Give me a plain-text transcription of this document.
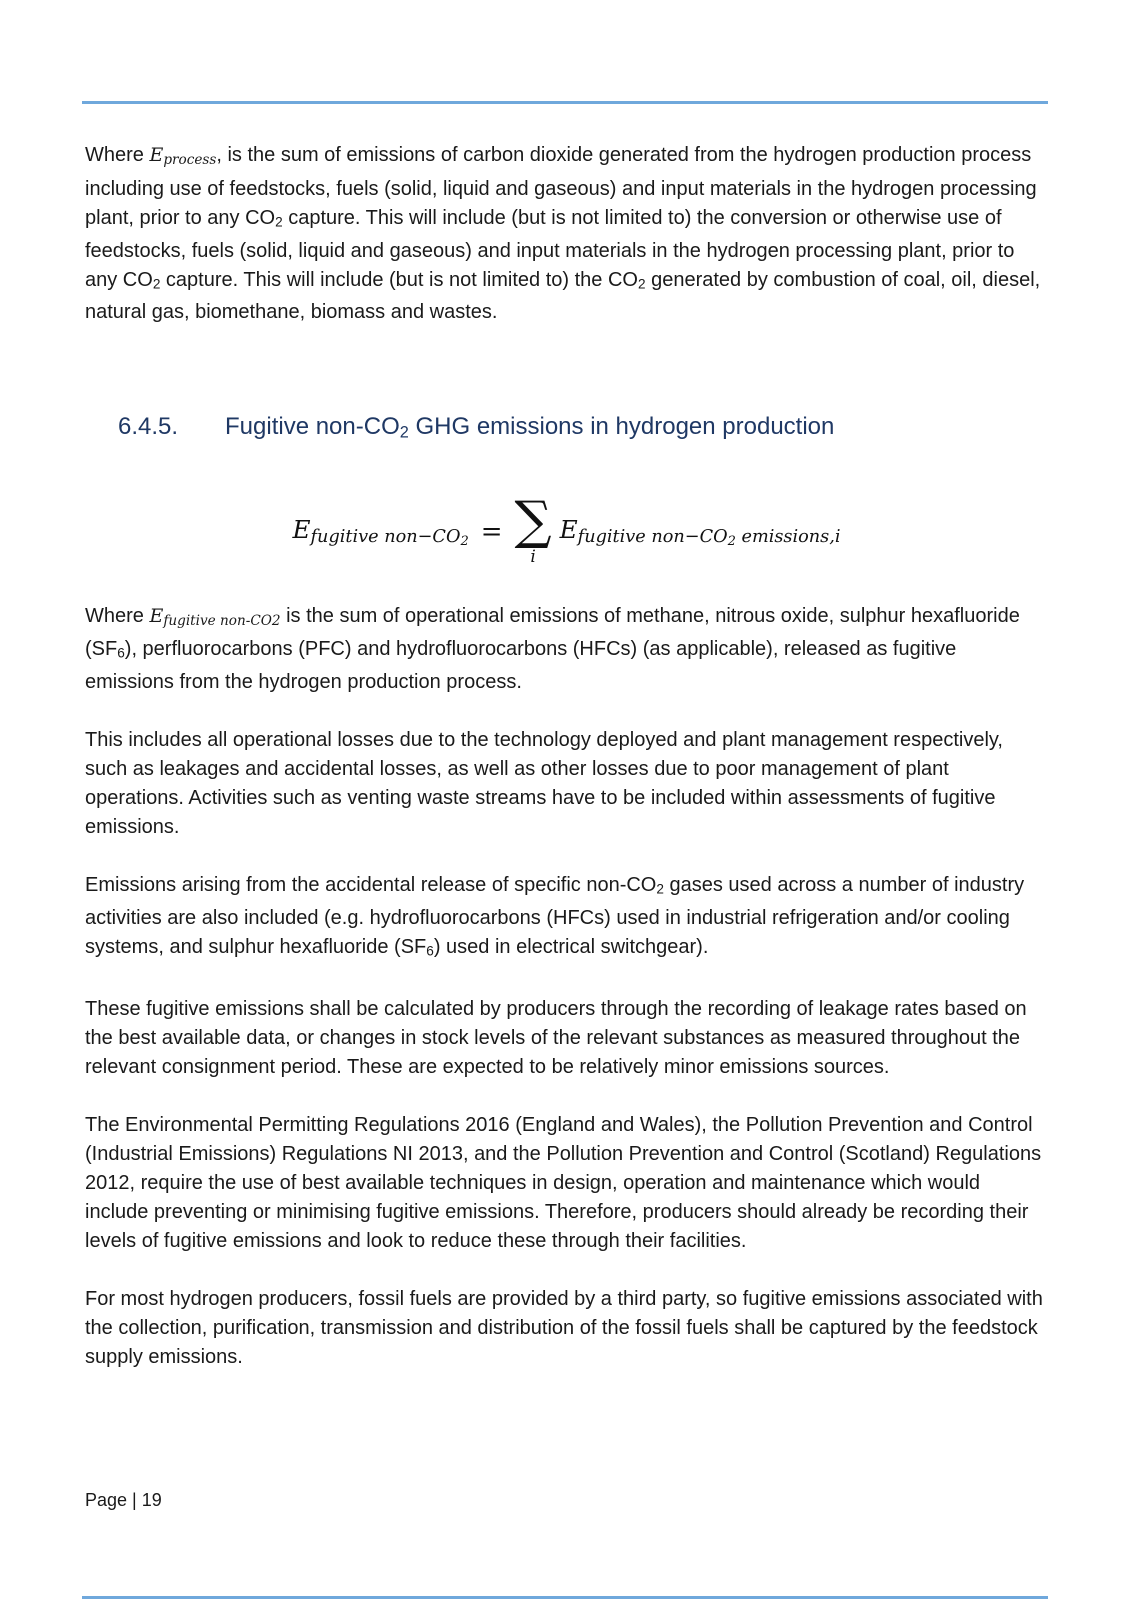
Where Eprocess, is the sum of emissions of carbon dioxide generated from the hydrogen production process including use of feedstocks, fuels (solid, liquid and gaseous) and input materials in the hydrogen processing plant, prior to any CO2 capture. This will include (but is not limited to) the conversion or otherwise use of feedstocks, fuels (solid, liquid and gaseous) and input materials in the hydrogen processing plant, prior to any CO2 capture. This will include (but is not limited to) the CO2 generated by combustion of coal, oil, diesel, natural gas, biomethane, biomass and wastes.

6.4.5.	Fugitive non-CO2 GHG emissions in hydrogen production
Efugitive $non-CO_2$ = ∑
i
Efugitive $non-CO_2$ emissions,i

Where Efugitive non-CO2 is the sum of operational emissions of methane, nitrous oxide, sulphur hexafluoride (SF6), perfluorocarbons (PFC) and hydrofluorocarbons (HFCs) (as applicable), released as fugitive emissions from the hydrogen production process.

This includes all operational losses due to the technology deployed and plant management respectively, such as leakages and accidental losses, as well as other losses due to poor management of plant operations. Activities such as venting waste streams have to be included within assessments of fugitive emissions.

Emissions arising from the accidental release of specific non-CO2 gases used across a number of industry activities are also included (e.g. hydrofluorocarbons (HFCs) used in industrial refrigeration and/or cooling systems, and sulphur hexafluoride (SF6) used in electrical switchgear).

These fugitive emissions shall be calculated by producers through the recording of leakage rates based on the best available data, or changes in stock levels of the relevant substances as measured throughout the relevant consignment period. These are expected to be relatively minor emissions sources.

The Environmental Permitting Regulations 2016 (England and Wales), the Pollution Prevention and Control (Industrial Emissions) Regulations NI 2013, and the Pollution Prevention and Control (Scotland) Regulations 2012, require the use of best available techniques in design, operation and maintenance which would include preventing or minimising fugitive emissions. Therefore, producers should already be recording their levels of fugitive emissions and look to reduce these through their facilities.

For most hydrogen producers, fossil fuels are provided by a third party, so fugitive emissions associated with the collection, purification, transmission and distribution of the fossil fuels shall be captured by the feedstock supply emissions.

Page | 19
